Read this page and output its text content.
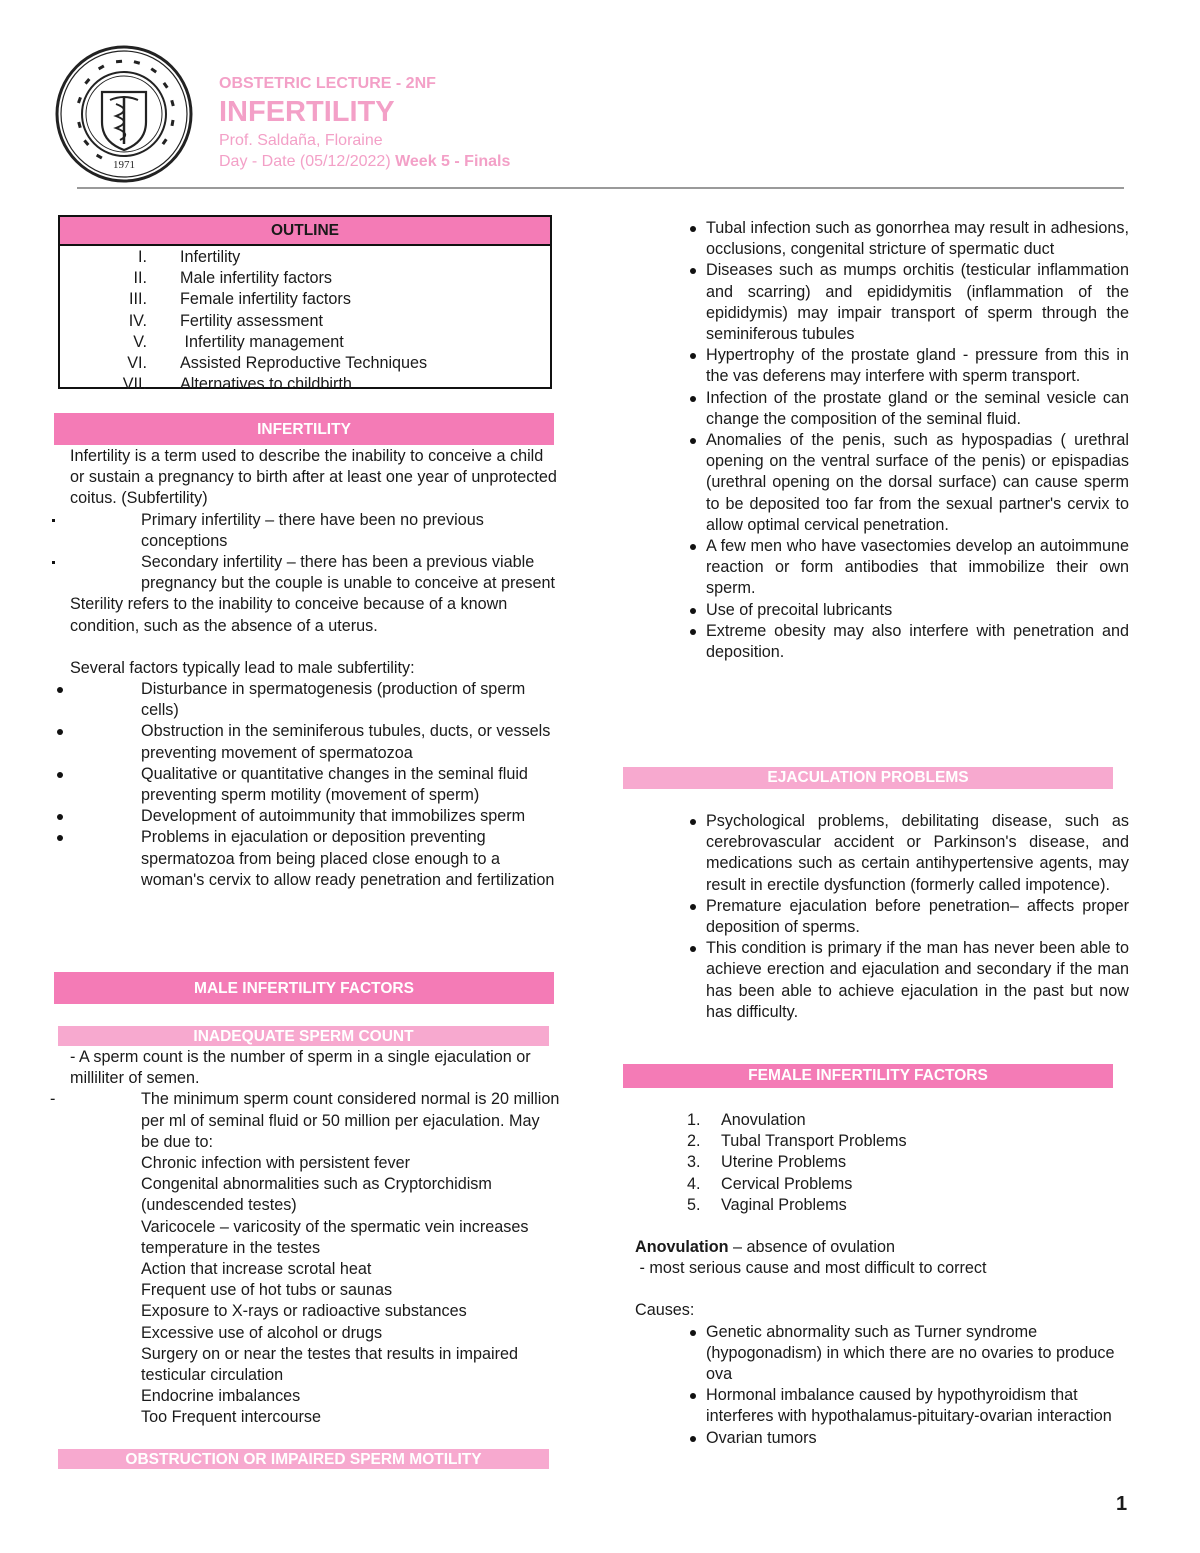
1971
OBSTETRIC LECTURE - 2NF
INFERTILITY
Prof. Saldaña, Floraine
Day - Date (05/12/2022) Week 5 - Finals
OUTLINE
I.	Infertility
II.	Male infertility factors
III.	Female infertility factors
IV.	Fertility assessment
V.	Infertility management
VI.	Assisted Reproductive Techniques
VII.	Alternatives to childbirth
INFERTILITY
MALE INFERTILITY FACTORS
INADEQUATE SPERM COUNT
OBSTRUCTION OR IMPAIRED SPERM MOTILITY
EJACULATION PROBLEMS
FEMALE INFERTILITY FACTORS

Infertility is a term used to describe the inability to conceive a child or sustain a pregnancy to birth after at least one year of unprotected coitus. (Subfertility)

Primary infertility – there have been no previous conceptions
Secondary infertility – there has been a previous viable pregnancy but the couple is unable to conceive at present

Sterility refers to the inability to conceive because of a known condition, such as the absence of a uterus.

Several factors typically lead to male subfertility:

Disturbance in spermatogenesis (production of sperm cells)
Obstruction in the seminiferous tubules, ducts, or vessels preventing movement of spermatozoa
Qualitative or quantitative changes in the seminal fluid preventing sperm motility (movement of sperm)
Development of autoimmunity that immobilizes sperm
Problems in ejaculation or deposition preventing spermatozoa from being placed close enough to a woman's cervix to allow ready penetration and fertilization

- A sperm count is the number of sperm in a single ejaculation or milliliter of semen.

The minimum sperm count considered normal is 20 million per ml of seminal fluid or 50 million per ejaculation. May be due to:
Chronic infection with persistent fever
Congenital abnormalities such as Cryptorchidism (undescended testes)
Varicocele – varicosity of the spermatic vein increases temperature in the testes
Action that increase scrotal heat
Frequent use of hot tubs or saunas
Exposure to X-rays or radioactive substances
Excessive use of alcohol or drugs
Surgery on or near the testes that results in impaired testicular circulation
Endocrine imbalances
Too Frequent intercourse
Tubal infection such as gonorrhea may result in adhesions, occlusions, congenital stricture of spermatic duct
Diseases such as mumps orchitis (testicular inflammation and scarring) and epididymitis (inflammation of the epididymis) may impair transport of sperm through the seminiferous tubules
Hypertrophy of the prostate gland - pressure from this in the vas deferens may interfere with sperm transport.
Infection of the prostate gland or the seminal vesicle can change the composition of the seminal fluid.
Anomalies of the penis, such as hypospadias ( urethral opening on the ventral surface of the penis) or epispadias (urethral opening on the dorsal surface) can cause sperm to be deposited too far from the sexual partner's cervix to allow optimal cervical penetration.
A few men who have vasectomies develop an autoimmune reaction or form antibodies that immobilize their own sperm.
Use of precoital lubricants
Extreme obesity may also interfere with penetration and deposition.
Psychological problems, debilitating disease, such as cerebrovascular accident or Parkinson's disease, and medications such as certain antihypertensive agents, may result in erectile dysfunction (formerly called impotence).
Premature ejaculation before penetration– affects proper deposition of sperms.
This condition is primary if the man has never been able to achieve erection and ejaculation and secondary if the man has been able to achieve ejaculation in the past but now has difficulty.
1. Anovulation
2. Tubal Transport Problems
3. Uterine Problems
4. Cervical Problems
5. Vaginal Problems

Anovulation – absence of ovulation

- most serious cause and most difficult to correct

Causes:

Genetic abnormality such as Turner syndrome (hypogonadism) in which there are no ovaries to produce ova
Hormonal imbalance caused by hypothyroidism that interferes with hypothalamus-pituitary-ovarian interaction
Ovarian tumors
1
